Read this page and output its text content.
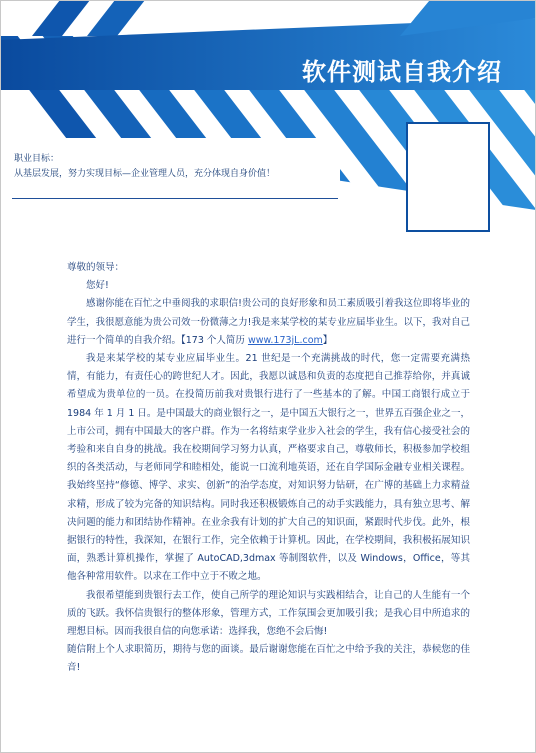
软件测试自我介绍
职业目标：
从基层发展，努力实现目标—企业管理人员，充分体现自身价值！

尊敬的领导：

您好!

感谢你能在百忙之中垂阅我的求职信!贵公司的良好形象和员工素质吸引着我这位即将毕业的学生，我很愿意能为贵公司效一份微薄之力!我是来某学校的某专业应届毕业生。以下，我对自己进行一个简单的自我介绍。【173 个人简历 www.173jL.com】

我是来某学校的某专业应届毕业生。21 世纪是一个充满挑战的时代，您一定需要充满热情，有能力，有责任心的跨世纪人才。因此，我愿以诚恳和负责的态度把自己推荐给你，并真诚希望成为贵单位的一员。在投简历前我对贵银行进行了一些基本的了解。中国工商银行成立于 1984 年 1 月 1 日。是中国最大的商业银行之一，是中国五大银行之一，世界五百强企业之一，上市公司，拥有中国最大的客户群。作为一名将结束学业步入社会的学生，我有信心接受社会的考验和来自自身的挑战。我在校期间学习努力认真，严格要求自己，尊敬师长，积极参加学校组织的各类活动，与老师同学和睦相处，能说一口流利地英语，还在自学国际金融专业相关课程。我始终坚持“修德、博学、求实、创新”的治学态度，对知识努力钻研，在广博的基础上力求精益求精，形成了较为完备的知识结构。同时我还积极锻炼自己的动手实践能力，具有独立思考、解决问题的能力和团结协作精神。在业余我有计划的扩大自己的知识面，紧跟时代步伐。此外，根据银行的特性，我深知，在银行工作，完全依赖于计算机。因此，在学校期间，我积极拓展知识面，熟悉计算机操作，掌握了 AutoCAD,3dmax 等制图软件，以及 Windows，Office，等其他各种常用软件。以求在工作中立于不败之地。

我很希望能到贵银行去工作，使自己所学的理论知识与实践相结合，让自己的人生能有一个质的飞跃。我怀信贵银行的整体形象，管理方式，工作氛围会更加吸引我；是我心目中所追求的理想目标。因而我很自信的向您承诺：选择我，您绝不会后悔!

随信附上个人求职简历，期待与您的面谈。最后谢谢您能在百忙之中给予我的关注，恭候您的佳音!
